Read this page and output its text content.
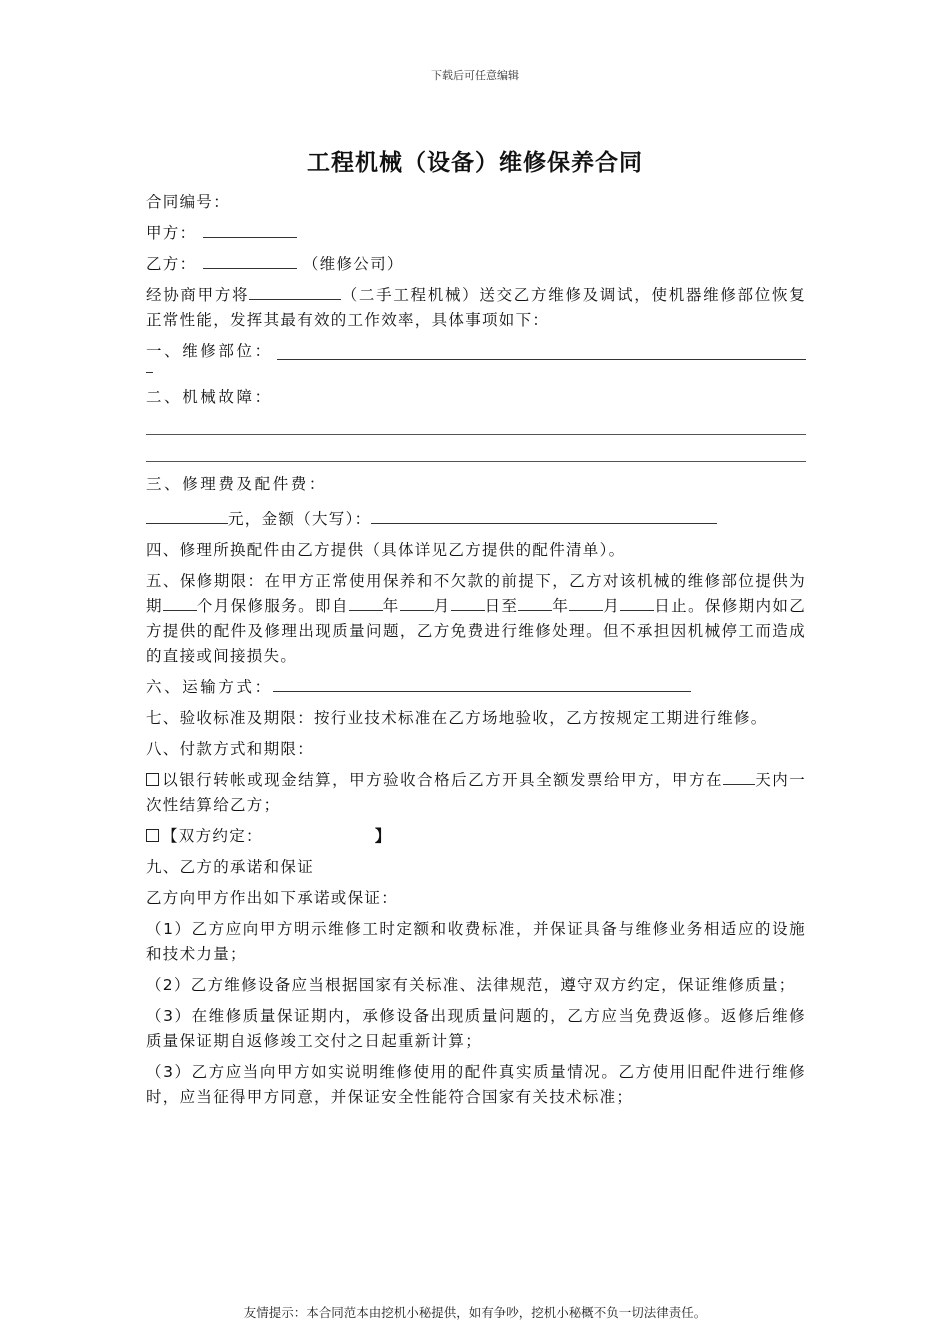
下载后可任意编辑
工程机械（设备）维修保养合同

合同编号：

甲方：

乙方：	（维修公司）

经协商甲方将	（二手工程机械）送交乙方维修及调试，使机器维修部位恢复正常性能，发挥其最有效的工作效率，具体事项如下：

一、维修部位：

二、机械故障：

三、修理费及配件费：

元，金额（大写）：

四、修理所换配件由乙方提供（具体详见乙方提供的配件清单）。

五、保修期限：在甲方正常使用保养和不欠款的前提下，乙方对该机械的维修部位提供为期 个月保修服务。即自 年 月 日至 年 月 日止。保修期内如乙方提供的配件及修理出现质量问题，乙方免费进行维修处理。但不承担因机械停工而造成的直接或间接损失。

六、运输方式：

七、验收标准及期限：按行业技术标准在乙方场地验收，乙方按规定工期进行维修。

八、付款方式和期限：

以银行转帐或现金结算，甲方验收合格后乙方开具全额发票给甲方，甲方在 天内一次性结算给乙方；

【双方约定：	】

九、乙方的承诺和保证

乙方向甲方作出如下承诺或保证：

（1）乙方应向甲方明示维修工时定额和收费标准，并保证具备与维修业务相适应的设施和技术力量；

（2）乙方维修设备应当根据国家有关标准、法律规范，遵守双方约定，保证维修质量；

（3）在维修质量保证期内，承修设备出现质量问题的，乙方应当免费返修。返修后维修质量保证期自返修竣工交付之日起重新计算；

（3）乙方应当向甲方如实说明维修使用的配件真实质量情况。乙方使用旧配件进行维修时，应当征得甲方同意，并保证安全性能符合国家有关技术标准；

友情提示：本合同范本由挖机小秘提供，如有争吵，挖机小秘概不负一切法律责任。
